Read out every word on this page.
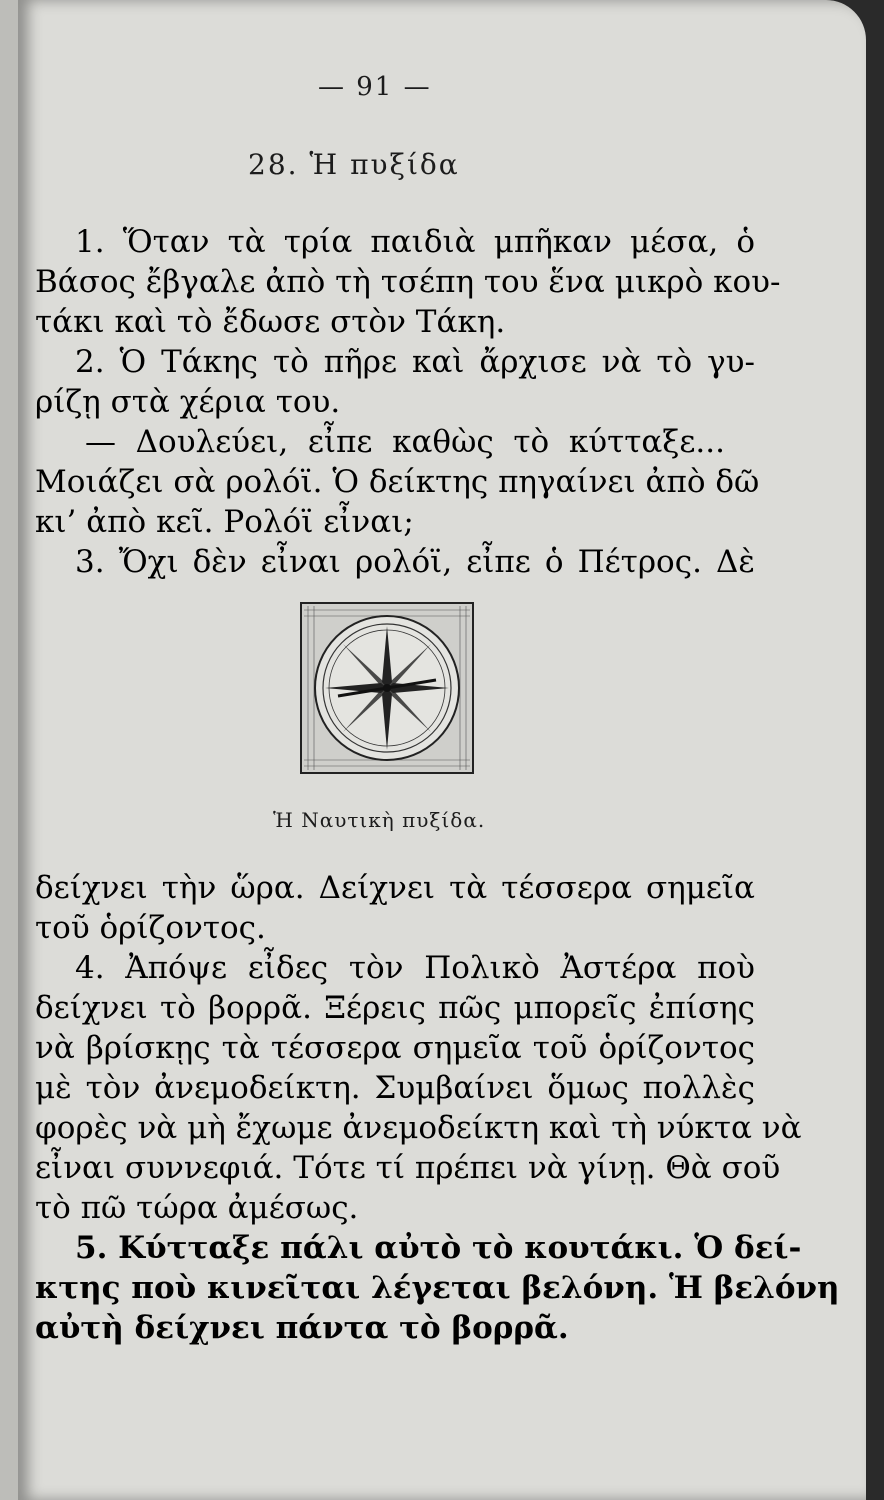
— 91 —
28. Ἡ πυξίδα
1. Ὅταν τὰ τρία παιδιὰ μπῆκαν μέσα, ὁ
Βάσος ἔβγαλε ἀπὸ τὴ τσέπη του ἕνα μικρὸ κου-
τάκι καὶ τὸ ἔδωσε στὸν Τάκη.
2. Ὁ Τάκης τὸ πῆρε καὶ ἄρχισε νὰ τὸ γυ-
ρίζῃ στὰ χέρια του.
— Δουλεύει, εἶπε καθὼς τὸ κύτταξε...
Μοιάζει σὰ ρολόϊ. Ὁ δείκτης πηγαίνει ἀπὸ δῶ
κι’ ἀπὸ κεῖ. Ρολόϊ εἶναι;
3. Ὄχι δὲν εἶναι ρολόϊ, εἶπε ὁ Πέτρος. Δὲ
Ἡ Ναυτικὴ πυξίδα.
δείχνει τὴν ὥρα. Δείχνει τὰ τέσσερα σημεῖα
τοῦ ὁρίζοντος.
4. Ἀπόψε εἶδες τὸν Πολικὸ Ἀστέρα ποὺ
δείχνει τὸ βορρᾶ. Ξέρεις πῶς μπορεῖς ἐπίσης
νὰ βρίσκῃς τὰ τέσσερα σημεῖα τοῦ ὁρίζοντος
μὲ τὸν ἀνεμοδείκτη. Συμβαίνει ὅμως πολλὲς
φορὲς νὰ μὴ ἔχωμε ἀνεμοδείκτη καὶ τὴ νύκτα νὰ
εἶναι συννεφιά. Τότε τί πρέπει νὰ γίνῃ. Θὰ σοῦ
τὸ πῶ τώρα ἀμέσως.
5. Κύτταξε πάλι αὐτὸ τὸ κουτάκι. Ὁ δεί-
κτης ποὺ κινεῖται λέγεται βελόνη. Ἡ βελόνη
αὐτὴ δείχνει πάντα τὸ βορρᾶ.
